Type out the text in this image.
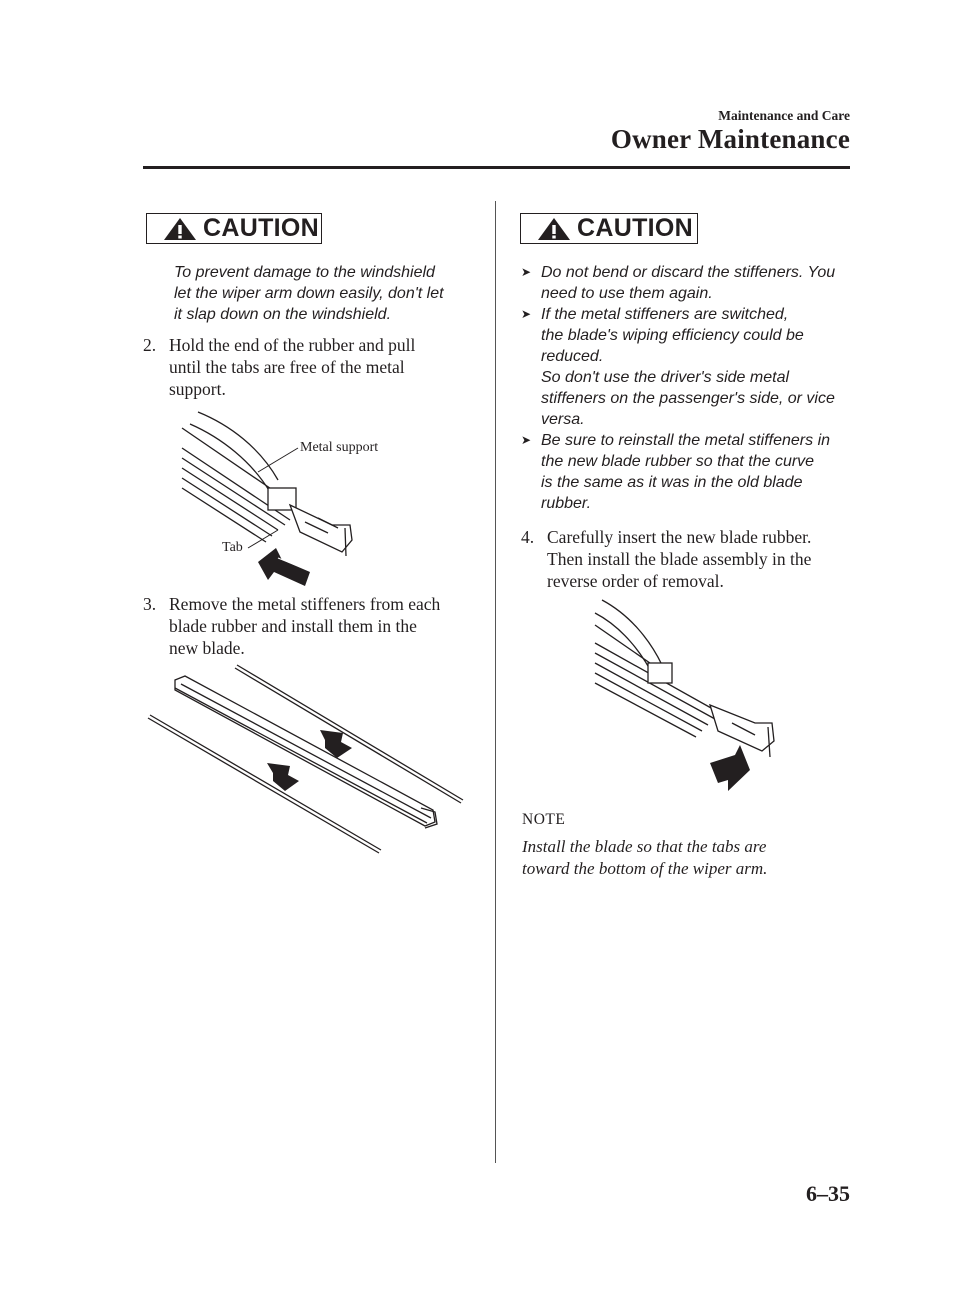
Maintenance and Care
Owner Maintenance
CAUTION
To prevent damage to the windshield
let the wiper arm down easily, don't let
it slap down on the windshield.
2. Hold the end of the rubber and pull
until the tabs are free of the metal
support.
Metal support
Tab
3. Remove the metal stiffeners from each
blade rubber and install them in the
new blade.
CAUTION
➤ Do not bend or discard the stiffeners. You
need to use them again.
➤ If the metal stiffeners are switched,
the blade's wiping efficiency could be
reduced.
So don't use the driver's side metal
stiffeners on the passenger's side, or vice
versa.
➤ Be sure to reinstall the metal stiffeners in
the new blade rubber so that the curve
is the same as it was in the old blade
rubber.
4. Carefully insert the new blade rubber.
Then install the blade assembly in the
reverse order of removal.
NOTE
Install the blade so that the tabs are
toward the bottom of the wiper arm.
6–35
